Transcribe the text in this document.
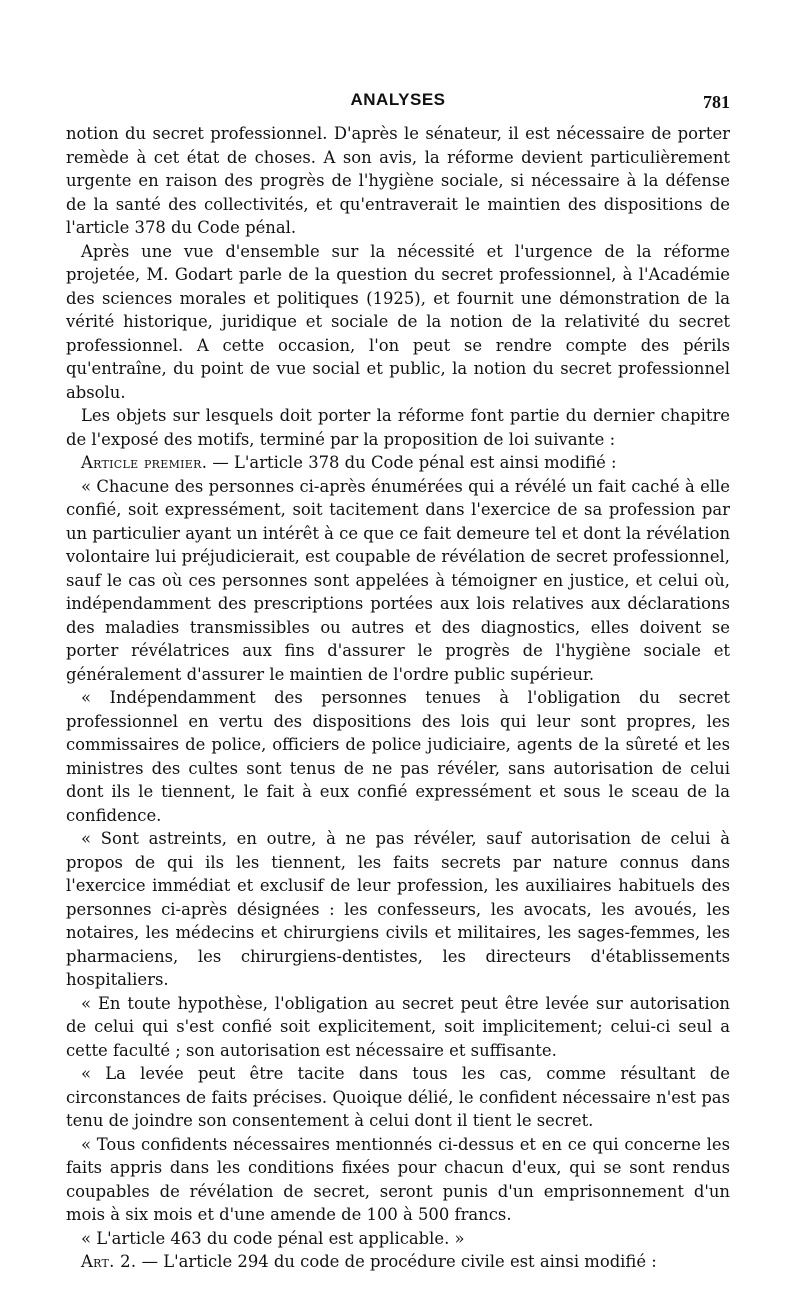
ANALYSES	781

notion du secret professionnel. D'après le sénateur, il est nécessaire de porter remède à cet état de choses. A son avis, la réforme devient particulièrement urgente en raison des progrès de l'hygiène sociale, si nécessaire à la défense de la santé des collectivités, et qu'entraverait le maintien des dispositions de l'article 378 du Code pénal.

Après une vue d'ensemble sur la nécessité et l'urgence de la réforme projetée, M. Godart parle de la question du secret professionnel, à l'Académie des sciences morales et politiques (1925), et fournit une démonstration de la vérité historique, juridique et sociale de la notion de la relativité du secret professionnel. A cette occasion, l'on peut se rendre compte des périls qu'entraîne, du point de vue social et public, la notion du secret professionnel absolu.

Les objets sur lesquels doit porter la réforme font partie du dernier chapitre de l'exposé des motifs, terminé par la proposition de loi suivante :

Article premier. — L'article 378 du Code pénal est ainsi modifié :

« Chacune des personnes ci-après énumérées qui a révélé un fait caché à elle confié, soit expressément, soit tacitement dans l'exercice de sa profession par un particulier ayant un intérêt à ce que ce fait demeure tel et dont la révélation volontaire lui préjudicierait, est coupable de révélation de secret professionnel, sauf le cas où ces personnes sont appelées à témoigner en justice, et celui où, indépendamment des prescriptions portées aux lois relatives aux déclarations des maladies transmissibles ou autres et des diagnostics, elles doivent se porter révélatrices aux fins d'assurer le progrès de l'hygiène sociale et généralement d'assurer le maintien de l'ordre public supérieur.

« Indépendamment des personnes tenues à l'obligation du secret professionnel en vertu des dispositions des lois qui leur sont propres, les commissaires de police, officiers de police judiciaire, agents de la sûreté et les ministres des cultes sont tenus de ne pas révéler, sans autorisation de celui dont ils le tiennent, le fait à eux confié expressément et sous le sceau de la confidence.

« Sont astreints, en outre, à ne pas révéler, sauf autorisation de celui à propos de qui ils les tiennent, les faits secrets par nature connus dans l'exercice immédiat et exclusif de leur profession, les auxiliaires habituels des personnes ci-après désignées : les confesseurs, les avocats, les avoués, les notaires, les médecins et chirurgiens civils et militaires, les sages-femmes, les pharmaciens, les chirurgiens-dentistes, les directeurs d'établissements hospitaliers.

« En toute hypothèse, l'obligation au secret peut être levée sur autorisation de celui qui s'est confié soit explicitement, soit implicitement; celui-ci seul a cette faculté ; son autorisation est nécessaire et suffisante.

« La levée peut être tacite dans tous les cas, comme résultant de circonstances de faits précises. Quoique délié, le confident nécessaire n'est pas tenu de joindre son consentement à celui dont il tient le secret.

« Tous confidents nécessaires mentionnés ci-dessus et en ce qui concerne les faits appris dans les conditions fixées pour chacun d'eux, qui se sont rendus coupables de révélation de secret, seront punis d'un emprisonnement d'un mois à six mois et d'une amende de 100 à 500 francs.

« L'article 463 du code pénal est applicable. »

Art. 2. — L'article 294 du code de procédure civile est ainsi modifié :
